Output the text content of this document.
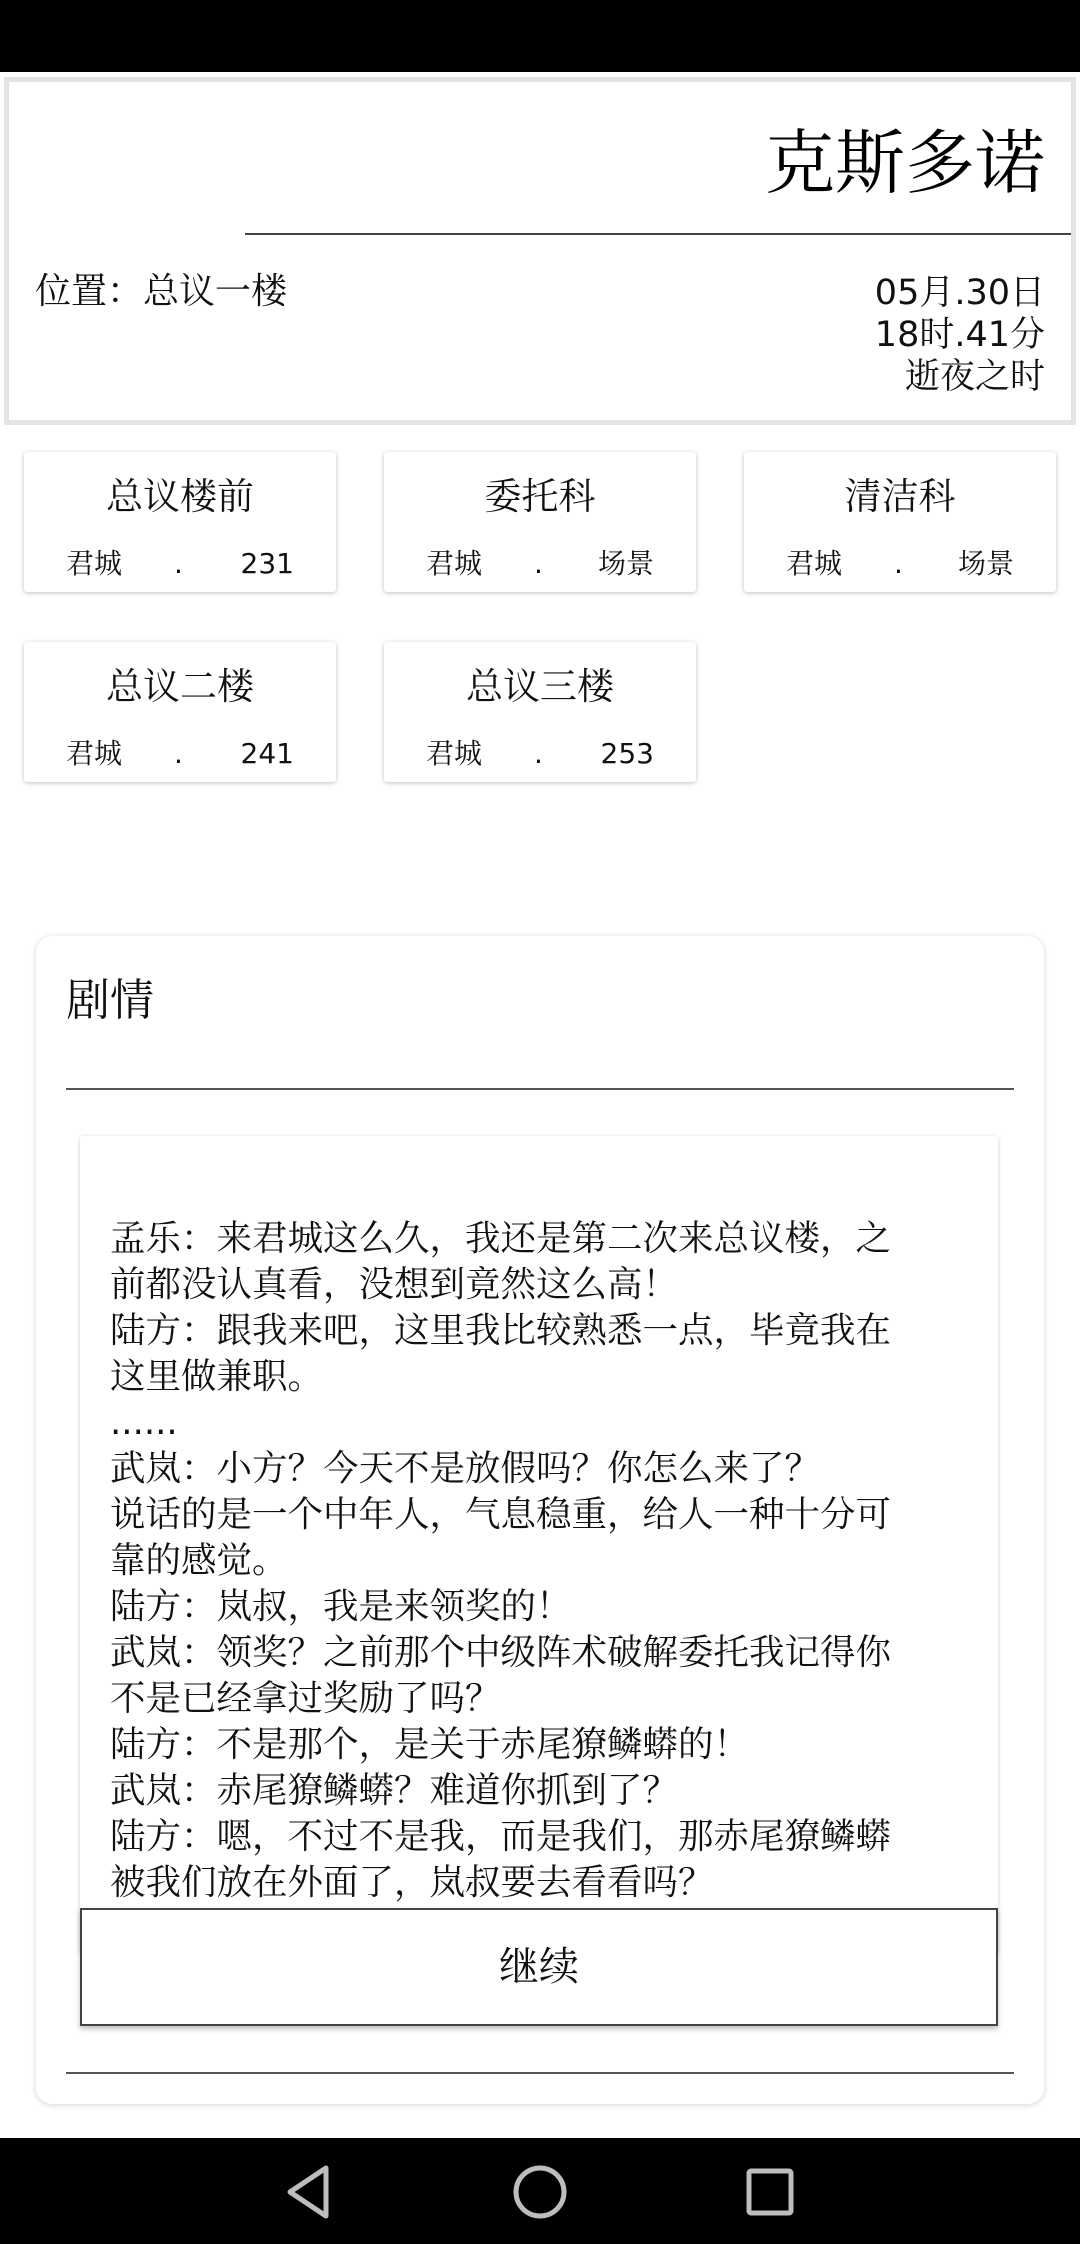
克斯多诺
位置：总议一楼	05月.30日
18时.41分
逝夜之时
总议楼前
君城 . 231
委托科
君城 . 场景
清洁科
君城 . 场景
总议二楼
君城 . 241
总议三楼
君城 . 253
剧情
孟乐：来君城这么久，我还是第二次来总议楼，之
前都没认真看，没想到竟然这么高！
陆方：跟我来吧，这里我比较熟悉一点，毕竟我在
这里做兼职。
......
武岚：小方？今天不是放假吗？你怎么来了？
说话的是一个中年人，气息稳重，给人一种十分可
靠的感觉。
陆方：岚叔，我是来领奖的！
武岚：领奖？之前那个中级阵术破解委托我记得你
不是已经拿过奖励了吗？
陆方：不是那个，是关于赤尾獠鳞蟒的！
武岚：赤尾獠鳞蟒？难道你抓到了？
陆方：嗯，不过不是我，而是我们，那赤尾獠鳞蟒
被我们放在外面了，岚叔要去看看吗？
继续
